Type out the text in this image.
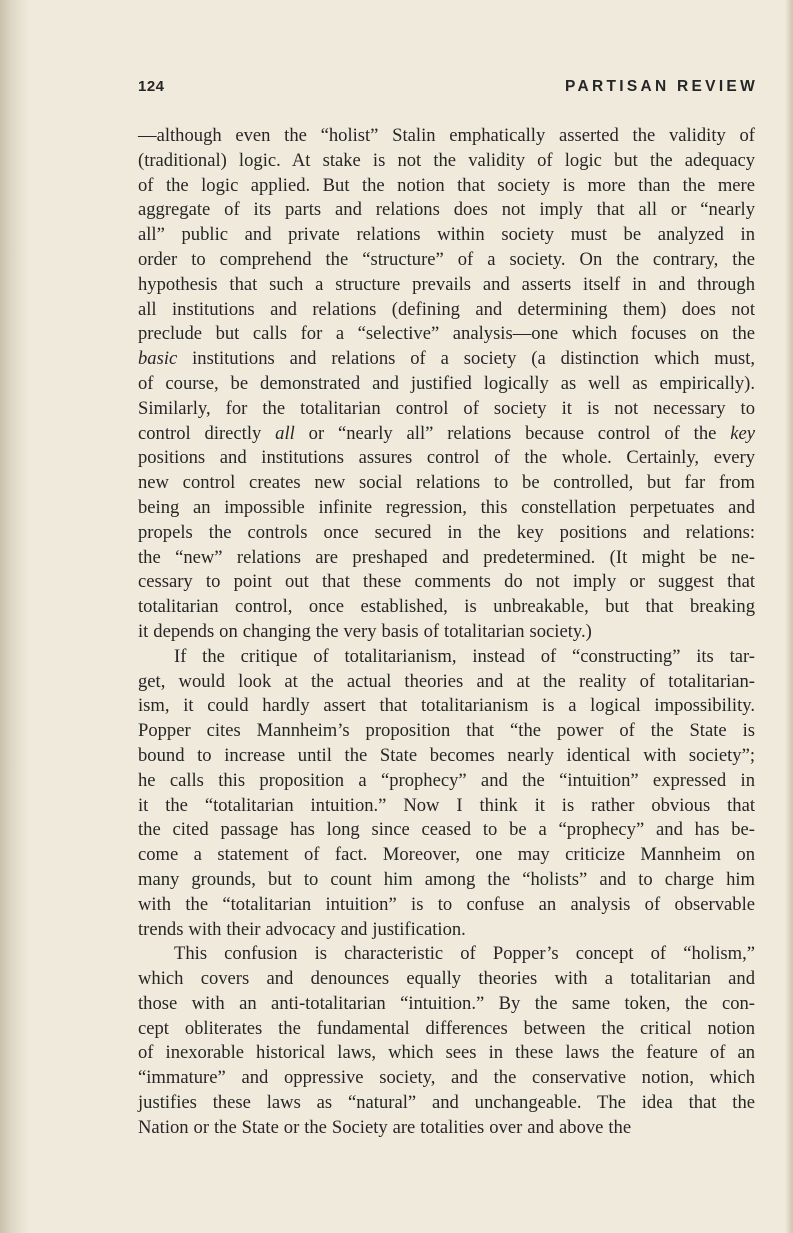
124	PARTISAN REVIEW

—although even the “holist” Stalin emphatically asserted the validity of
(traditional) logic. At stake is not the validity of logic but the adequacy
of the logic applied. But the notion that society is more than the mere
aggregate of its parts and relations does not imply that all or “nearly
all” public and private relations within society must be analyzed in
order to comprehend the “structure” of a society. On the contrary, the
hypothesis that such a structure prevails and asserts itself in and through
all institutions and relations (defining and determining them) does not
preclude but calls for a “selective” analysis—one which focuses on the
basic institutions and relations of a society (a distinction which must,
of course, be demonstrated and justified logically as well as empirically).
Similarly, for the totalitarian control of society it is not necessary to
control directly all or “nearly all” relations because control of the key
positions and institutions assures control of the whole. Certainly, every
new control creates new social relations to be controlled, but far from
being an impossible infinite regression, this constellation perpetuates and
propels the controls once secured in the key positions and relations:
the “new” relations are preshaped and predetermined. (It might be ne-
cessary to point out that these comments do not imply or suggest that
totalitarian control, once established, is unbreakable, but that breaking
it depends on changing the very basis of totalitarian society.)

If the critique of totalitarianism, instead of “constructing” its tar-
get, would look at the actual theories and at the reality of totalitarian-
ism, it could hardly assert that totalitarianism is a logical impossibility.
Popper cites Mannheim’s proposition that “the power of the State is
bound to increase until the State becomes nearly identical with society”;
he calls this proposition a “prophecy” and the “intuition” expressed in
it the “totalitarian intuition.” Now I think it is rather obvious that
the cited passage has long since ceased to be a “prophecy” and has be-
come a statement of fact. Moreover, one may criticize Mannheim on
many grounds, but to count him among the “holists” and to charge him
with the “totalitarian intuition” is to confuse an analysis of observable
trends with their advocacy and justification.

This confusion is characteristic of Popper’s concept of “holism,”
which covers and denounces equally theories with a totalitarian and
those with an anti-totalitarian “intuition.” By the same token, the con-
cept obliterates the fundamental differences between the critical notion
of inexorable historical laws, which sees in these laws the feature of an
“immature” and oppressive society, and the conservative notion, which
justifies these laws as “natural” and unchangeable. The idea that the
Nation or the State or the Society are totalities over and above the
